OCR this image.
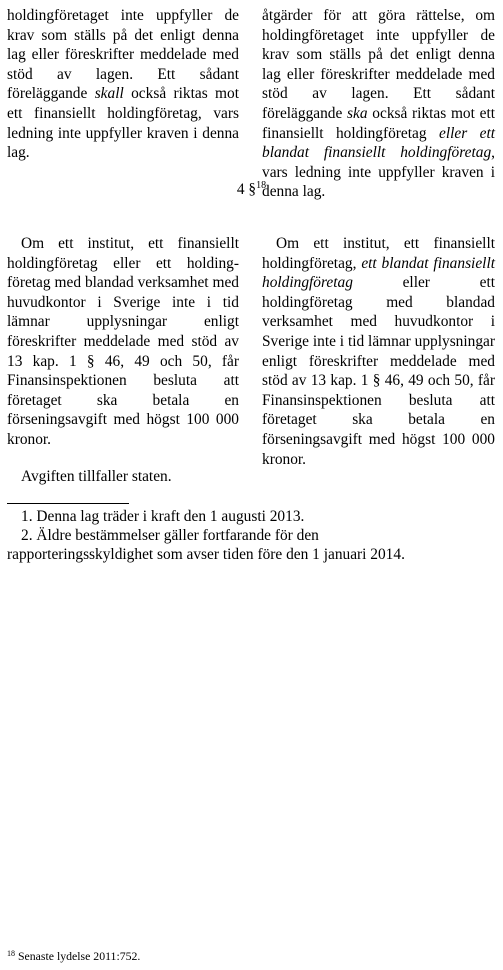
holdingföretaget inte uppfyller de krav som ställs på det enligt denna lag eller föreskrifter meddelade med stöd av lagen. Ett sådant föreläggande skall också riktas mot ett finansiellt holdingföretag, vars ledning inte uppfyller kraven i denna lag.

åtgärder för att göra rättelse, om holdingföretaget inte uppfyller de krav som ställs på det enligt denna lag eller föreskrifter meddelade med stöd av lagen. Ett sådant föreläggande ska också riktas mot ett finansiellt holdingföretag eller ett blandat finansiellt holdingföretag, vars ledning inte uppfyller kraven i denna lag.

4 §$^{18}$

Om ett institut, ett finansiellt holdingföretag eller ett holdingföretag med blandad verksamhet med huvudkontor i Sverige inte i tid lämnar upplysningar enligt föreskrifter meddelade med stöd av 13 kap. 1 § 46, 49 och 50, får Finansinspektionen besluta att företaget ska betala en förseningsavgift med högst 100 000 kronor.

Om ett institut, ett finansiellt holdingföretag, ett blandat finansiellt holdingföretag eller ett holdingföretag med blandad verksamhet med huvudkontor i Sverige inte i tid lämnar upplysningar enligt föreskrifter meddelade med stöd av 13 kap. 1 § 46, 49 och 50, får Finansinspektionen besluta att företaget ska betala en förseningsavgift med högst 100 000 kronor.

Avgiften tillfaller staten.

1. Denna lag träder i kraft den 1 augusti 2013.
2. Äldre bestämmelser gäller fortfarande för den
rapporteringsskyldighet som avser tiden före den 1 januari 2014.
$^{18}$ Senaste lydelse 2011:752.
